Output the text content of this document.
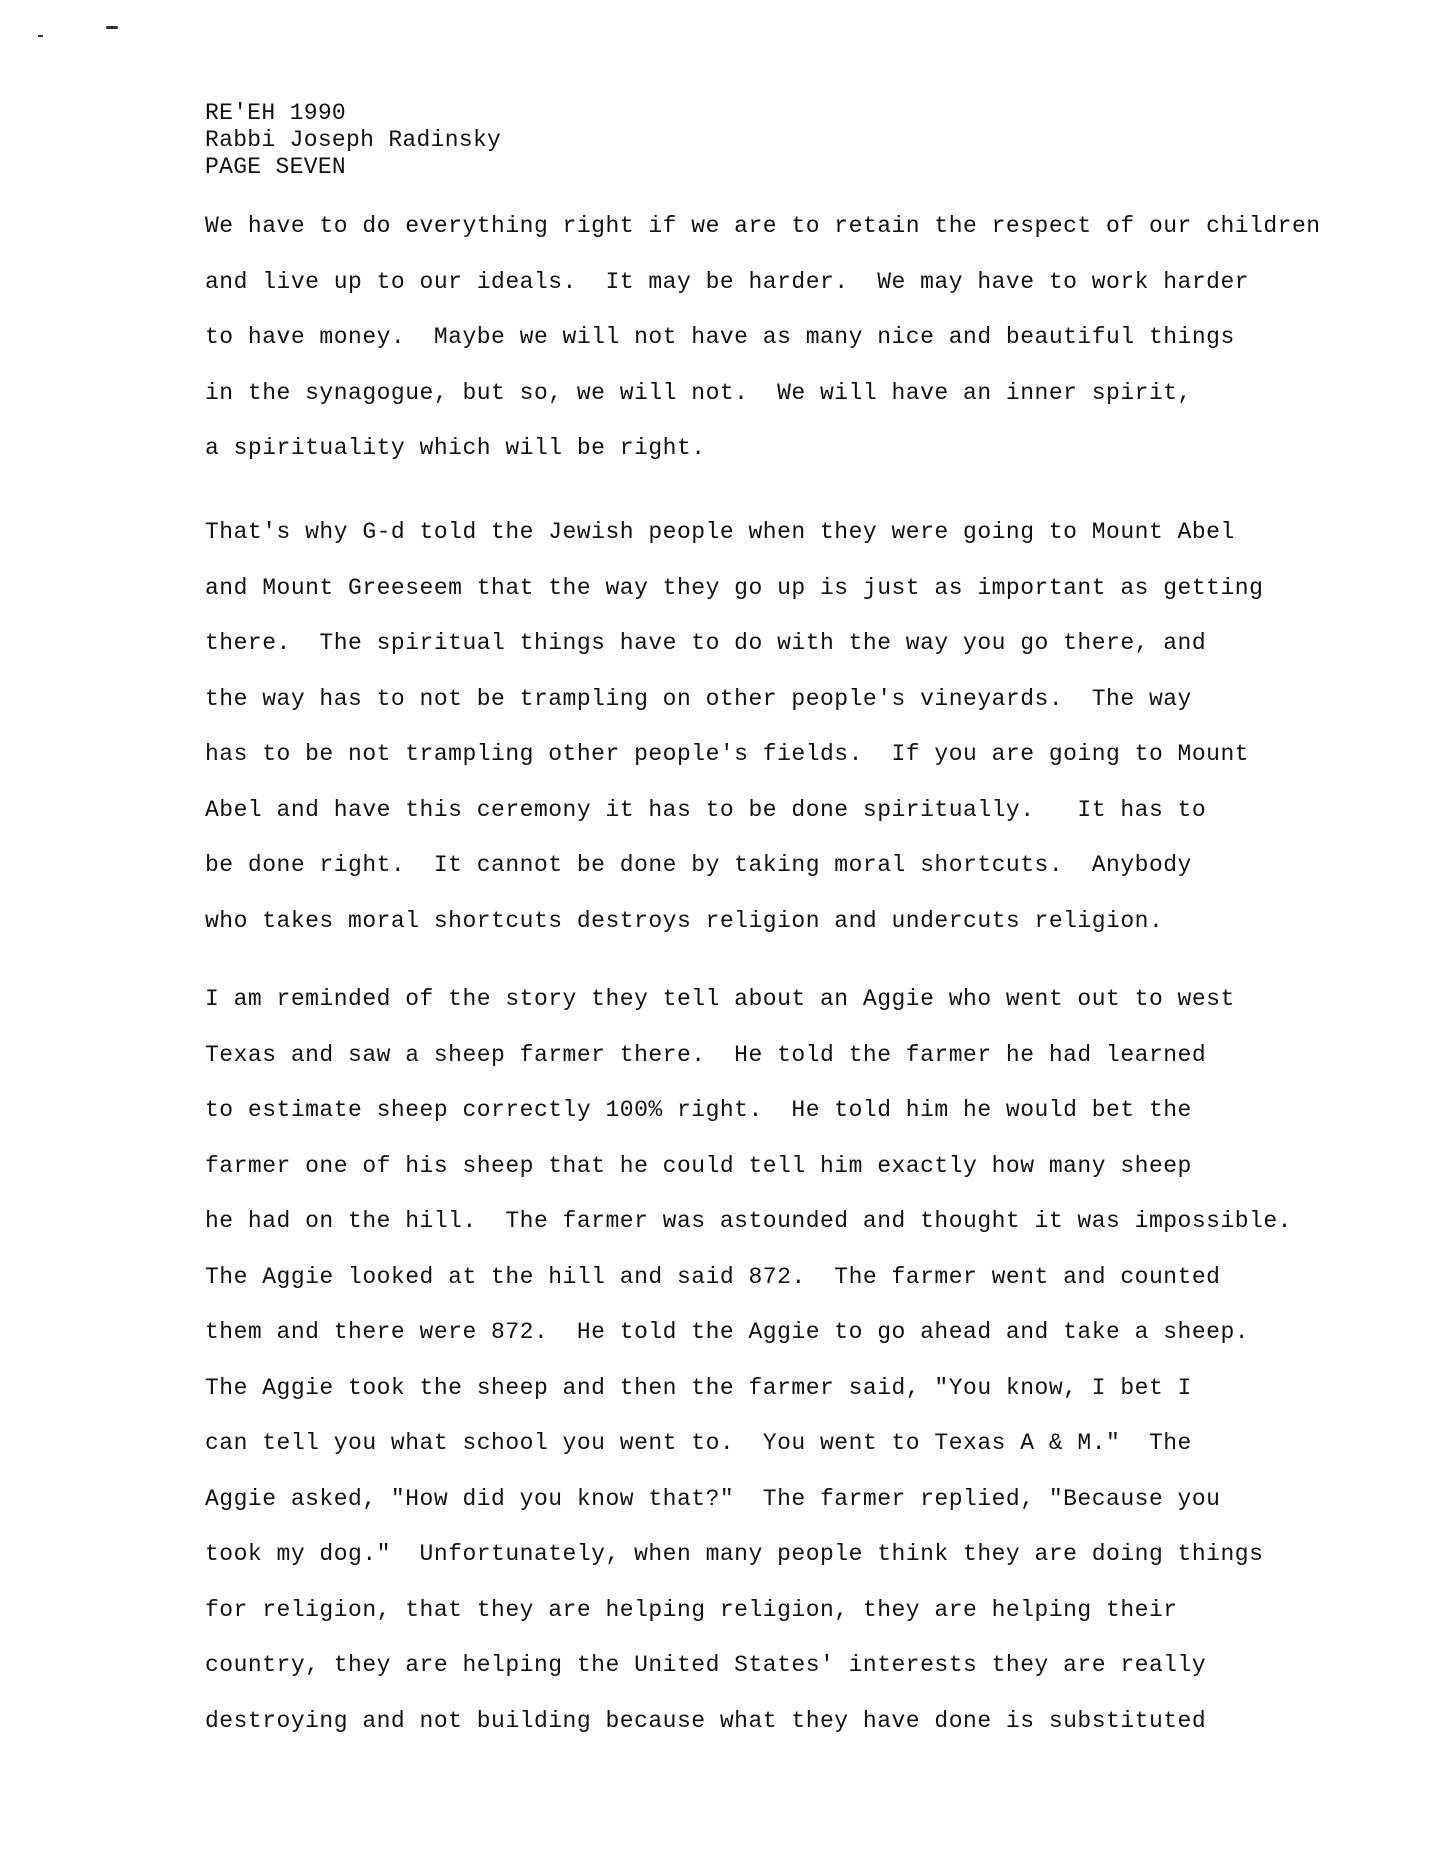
RE'EH 1990
Rabbi Joseph Radinsky
PAGE SEVEN
We have to do everything right if we are to retain the respect of our children
and live up to our ideals.  It may be harder.  We may have to work harder
to have money.  Maybe we will not have as many nice and beautiful things
in the synagogue, but so, we will not.  We will have an inner spirit,
a spirituality which will be right.
That's why G-d told the Jewish people when they were going to Mount Abel
and Mount Greeseem that the way they go up is just as important as getting
there.  The spiritual things have to do with the way you go there, and
the way has to not be trampling on other people's vineyards.  The way
has to be not trampling other people's fields.  If you are going to Mount
Abel and have this ceremony it has to be done spiritually.   It has to
be done right.  It cannot be done by taking moral shortcuts.  Anybody
who takes moral shortcuts destroys religion and undercuts religion.
I am reminded of the story they tell about an Aggie who went out to west
Texas and saw a sheep farmer there.  He told the farmer he had learned
to estimate sheep correctly 100% right.  He told him he would bet the
farmer one of his sheep that he could tell him exactly how many sheep
he had on the hill.  The farmer was astounded and thought it was impossible.
The Aggie looked at the hill and said 872.  The farmer went and counted
them and there were 872.  He told the Aggie to go ahead and take a sheep.
The Aggie took the sheep and then the farmer said, "You know, I bet I
can tell you what school you went to.  You went to Texas A & M."  The
Aggie asked, "How did you know that?"  The farmer replied, "Because you
took my dog."  Unfortunately, when many people think they are doing things
for religion, that they are helping religion, they are helping their
country, they are helping the United States' interests they are really
destroying and not building because what they have done is substituted
